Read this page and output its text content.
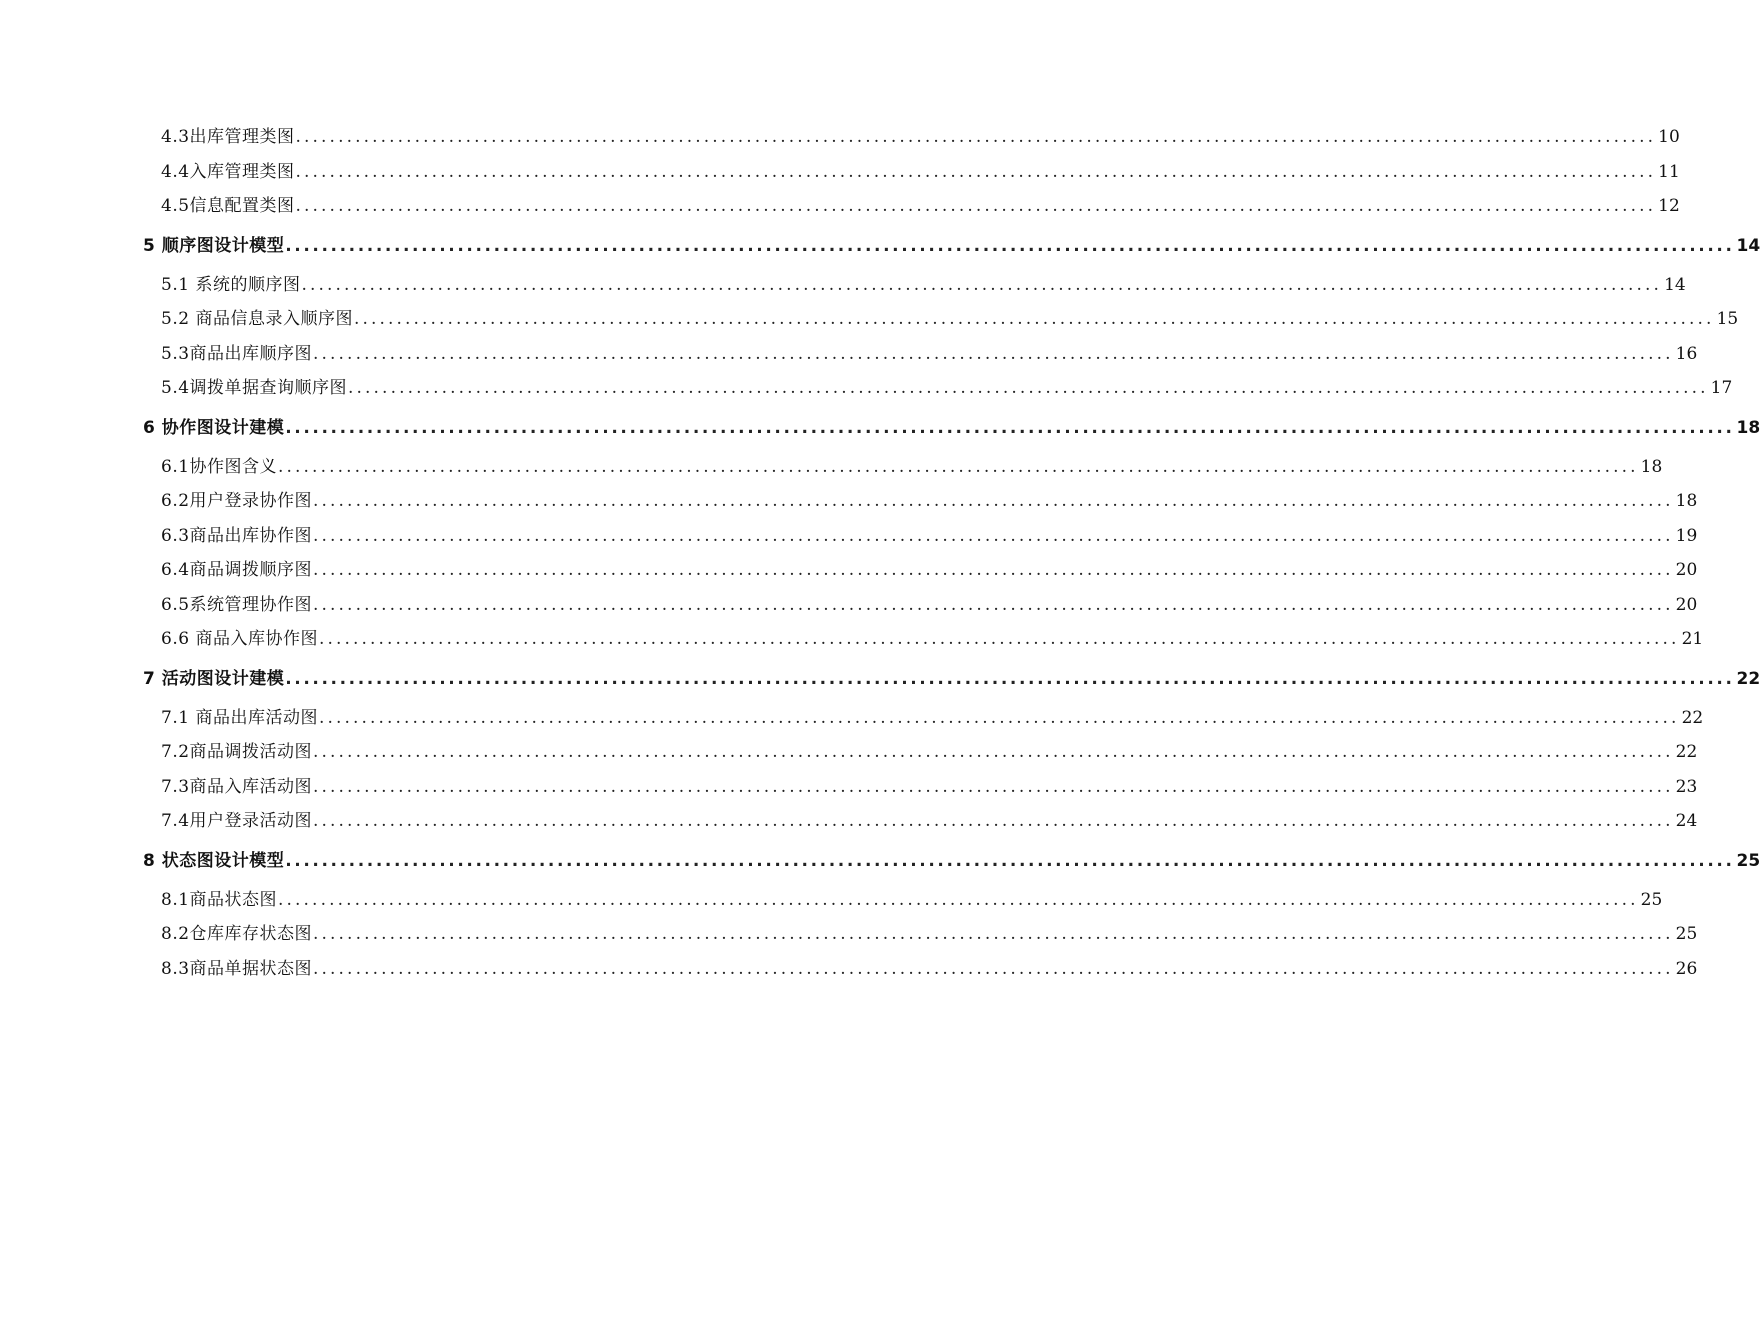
4.3出库管理类图 ................................................................................................................................................................ 10
4.4入库管理类图 ................................................................................................................................................................ 11
4.5信息配置类图 ................................................................................................................................................................ 12
5 顺序图设计模型 ................................................................................................................................................................ 14
5.1 系统的顺序图 ................................................................................................................................................................ 14
5.2 商品信息录入顺序图 ................................................................................................................................................................ 15
5.3商品出库顺序图 ................................................................................................................................................................ 16
5.4调拨单据查询顺序图 ................................................................................................................................................................ 17
6 协作图设计建模 ................................................................................................................................................................ 18
6.1协作图含义 ................................................................................................................................................................ 18
6.2用户登录协作图 ................................................................................................................................................................ 18
6.3商品出库协作图 ................................................................................................................................................................ 19
6.4商品调拨顺序图 ................................................................................................................................................................ 20
6.5系统管理协作图 ................................................................................................................................................................ 20
6.6 商品入库协作图 ................................................................................................................................................................ 21
7 活动图设计建模 ................................................................................................................................................................ 22
7.1 商品出库活动图 ................................................................................................................................................................ 22
7.2商品调拨活动图 ................................................................................................................................................................ 22
7.3商品入库活动图 ................................................................................................................................................................ 23
7.4用户登录活动图 ................................................................................................................................................................ 24
8 状态图设计模型 ................................................................................................................................................................ 25
8.1商品状态图 ................................................................................................................................................................ 25
8.2仓库库存状态图 ................................................................................................................................................................ 25
8.3商品单据状态图 ................................................................................................................................................................ 26
